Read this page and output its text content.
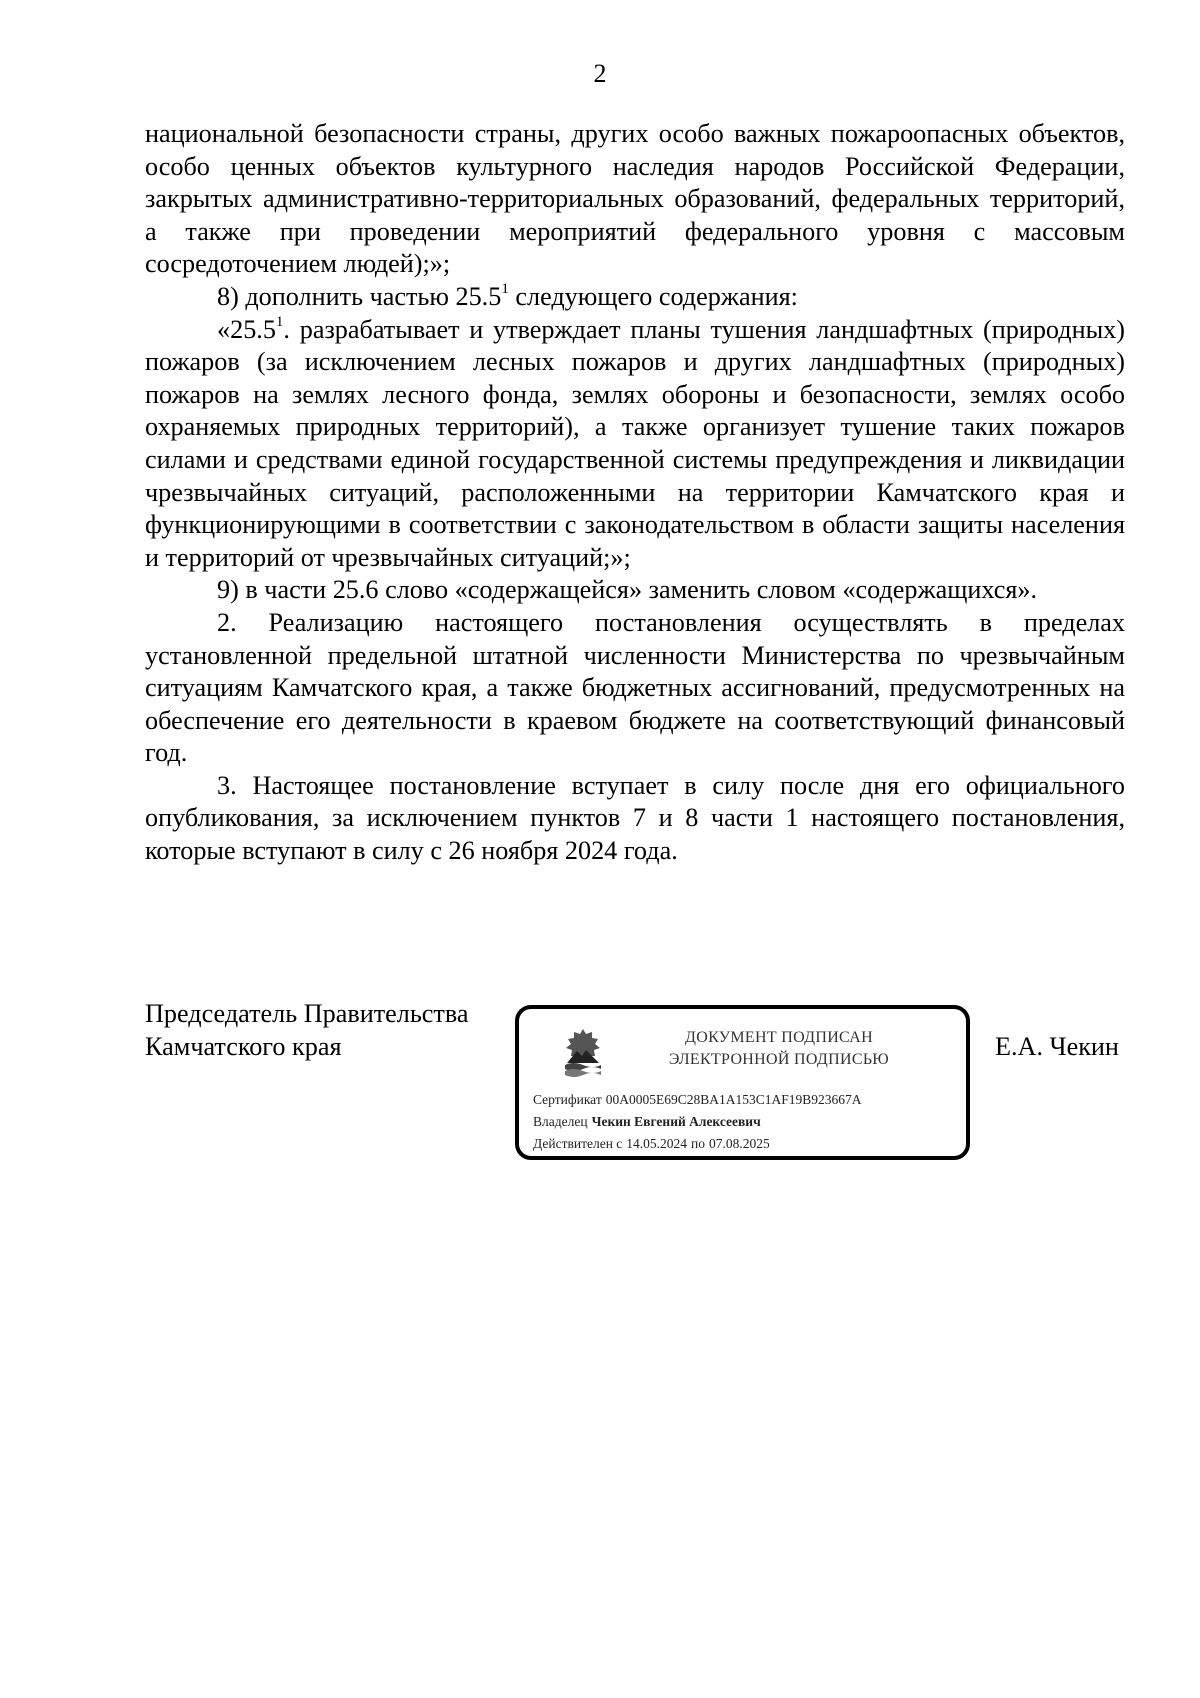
2

национальной безопасности страны, других особо важных пожароопасных объектов, особо ценных объектов культурного наследия народов Российской Федерации, закрытых административно-территориальных образований, федеральных территорий, а также при проведении мероприятий федерального уровня с массовым сосредоточением людей);»;

8) дополнить частью 25.5$^1$ следующего содержания:

«25.5$^1$. разрабатывает и утверждает планы тушения ландшафтных (природных) пожаров (за исключением лесных пожаров и других ландшафтных (природных) пожаров на землях лесного фонда, землях обороны и безопасности, землях особо охраняемых природных территорий), а также организует тушение таких пожаров силами и средствами единой государственной системы предупреждения и ликвидации чрезвычайных ситуаций, расположенными на территории Камчатского края и функционирующими в соответствии с законодательством в области защиты населения и территорий от чрезвычайных ситуаций;»;

9) в части 25.6 слово «содержащейся» заменить словом «содержащихся».

2. Реализацию настоящего постановления осуществлять в пределах установленной предельной штатной численности Министерства по чрезвычайным ситуациям Камчатского края, а также бюджетных ассигнований, предусмотренных на обеспечение его деятельности в краевом бюджете на соответствующий финансовый год.

3. Настоящее постановление вступает в силу после дня его официального опубликования, за исключением пунктов 7 и 8 части 1 настоящего постановления, которые вступают в силу с 26 ноября 2024 года.

Председатель Правительства
Камчатского края	ДОКУМЕНТ ПОДПИСАН
ЭЛЕКТРОННОЙ ПОДПИСЬЮ
Сертификат 00A0005E69C28BA1A153C1AF19B923667A
Владелец Чекин Евгений Алексеевич
Действителен с 14.05.2024 по 07.08.2025
Е.А. Чекин
